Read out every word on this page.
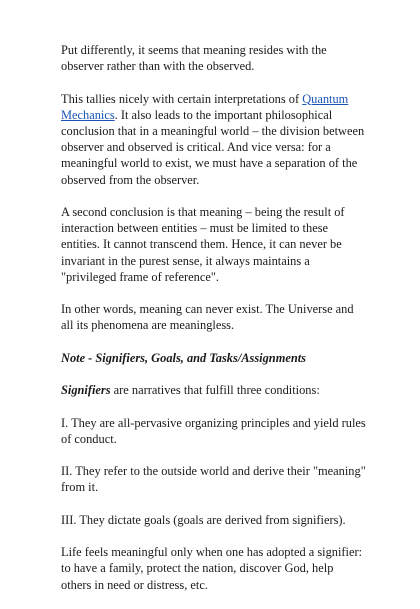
Put differently, it seems that meaning resides with the observer rather than with the observed.

This tallies nicely with certain interpretations of Quantum Mechanics. It also leads to the important philosophical conclusion that in a meaningful world – the division between observer and observed is critical. And vice versa: for a meaningful world to exist, we must have a separation of the observed from the observer.

A second conclusion is that meaning – being the result of interaction between entities – must be limited to these entities. It cannot transcend them. Hence, it can never be invariant in the purest sense, it always maintains a "privileged frame of reference".

In other words, meaning can never exist. The Universe and all its phenomena are meaningless.

Note - Signifiers, Goals, and Tasks/Assignments

Signifiers are narratives that fulfill three conditions:

I. They are all-pervasive organizing principles and yield rules of conduct.

II. They refer to the outside world and derive their "meaning" from it.

III. They dictate goals (goals are derived from signifiers).

Life feels meaningful only when one has adopted a signifier: to have a family, protect the nation, discover God, help others in need or distress, etc.
